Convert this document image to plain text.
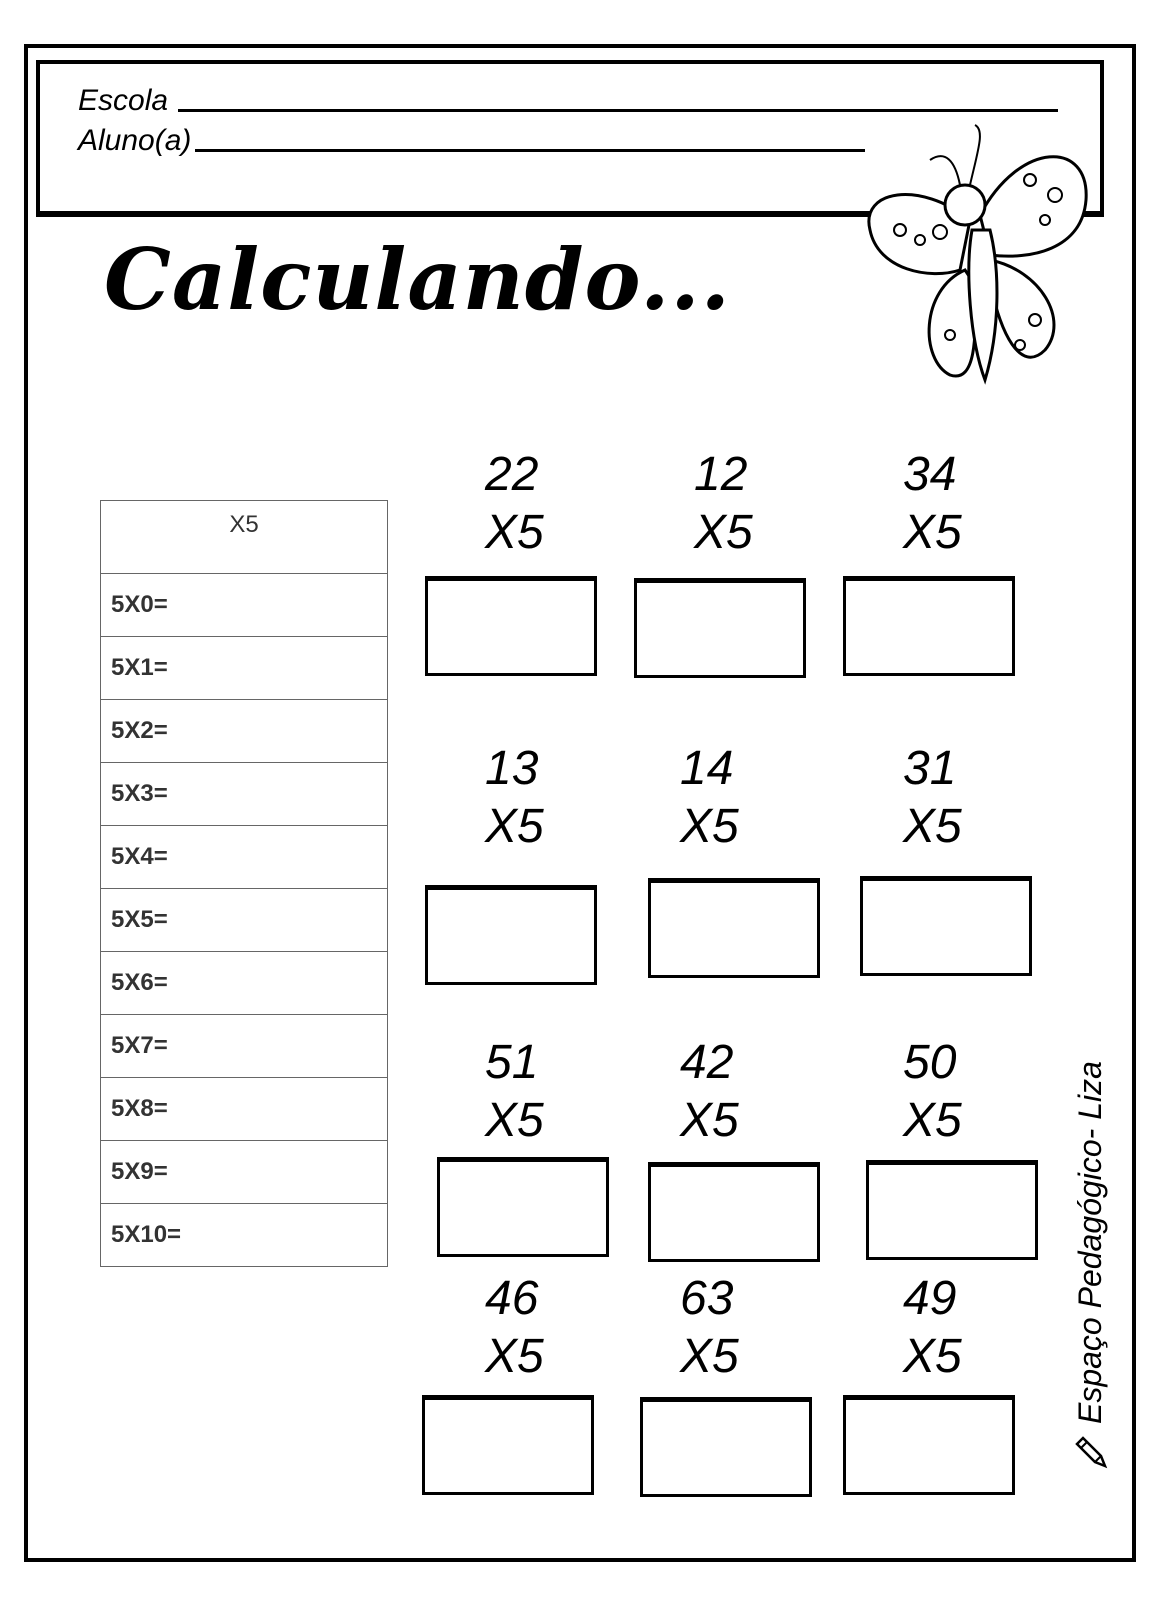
Escola
Aluno(a)
Calculando...
X5
5X0=
5X1=
5X2=
5X3=
5X4=
5X5=
5X6=
5X7=
5X8=
5X9=
5X10=
22
X5
12
X5
34
X5
13
X5
14
X5
31
X5
51
X5
42
X5
50
X5
46
X5
63
X5
49
X5	Espaço Pedagógico- Liza
